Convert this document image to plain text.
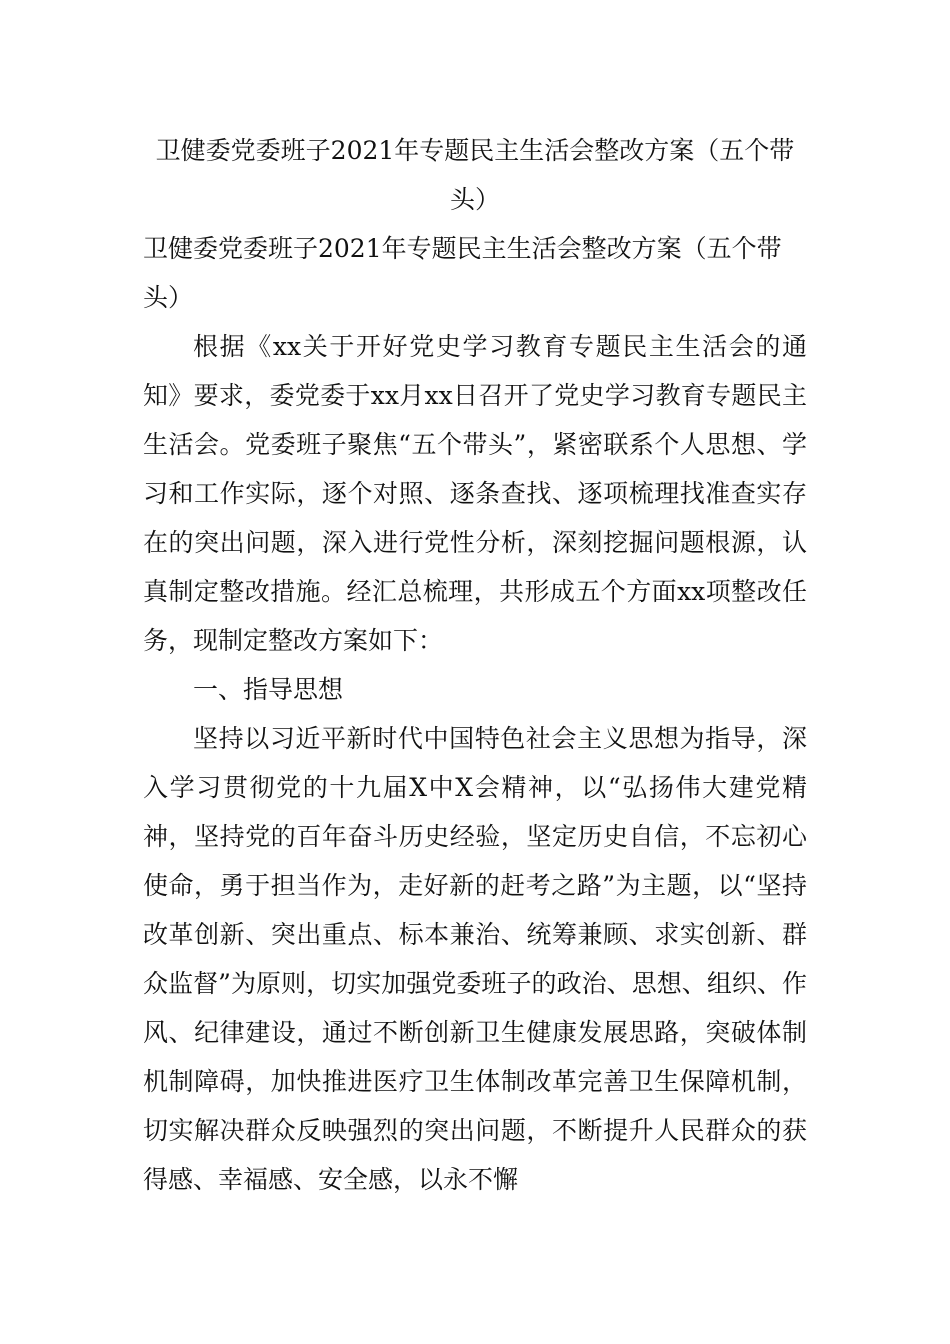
卫健委党委班子2021年专题民主生活会整改方案（五个带头）

卫健委党委班子2021年专题民主生活会整改方案（五个带头）

根据《xx关于开好党史学习教育专题民主生活会的通知》要求，委党委于xx月xx日召开了党史学习教育专题民主生活会。党委班子聚焦“五个带头”，紧密联系个人思想、学习和工作实际，逐个对照、逐条查找、逐项梳理找准查实存在的突出问题，深入进行党性分析，深刻挖掘问题根源，认真制定整改措施。经汇总梳理，共形成五个方面xx项整改任务，现制定整改方案如下：

一、指导思想

坚持以习近平新时代中国特色社会主义思想为指导，深入学习贯彻党的十九届X中X会精神，以“弘扬伟大建党精神，坚持党的百年奋斗历史经验，坚定历史自信，不忘初心使命，勇于担当作为，走好新的赶考之路”为主题，以“坚持改革创新、突出重点、标本兼治、统筹兼顾、求实创新、群众监督”为原则，切实加强党委班子的政治、思想、组织、作风、纪律建设，通过不断创新卫生健康发展思路，突破体制机制障碍，加快推进医疗卫生体制改革完善卫生保障机制，切实解决群众反映强烈的突出问题，不断提升人民群众的获得感、幸福感、安全感，以永不懈
